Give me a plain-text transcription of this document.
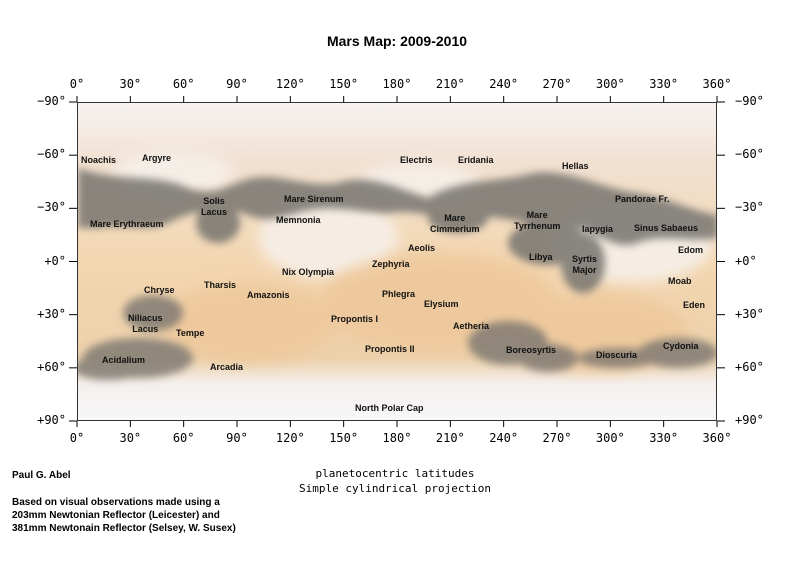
Mars Map: 2009-2010
0°	30°	60°	90° 120° 150° 180° 210° 240° 270° 300° 330° 360°
0°	30°	60°	90° 120° 150° 180° 210° 240° 270° 300° 330° 360°
−90°
−60°
−30°
+0°
+30°
+60°
+90°
−90°
−60°
−30°
+0°
+30°
+60°
+90°
Noachis	Argyre	Electris	Eridania
Hellas
Solis
Lacus
Mare Sirenum	Pandorae Fr.
Mare Erythraeum	Memnonia	Mare
Cimmerium
Mare
Tyrrhenum Iapygia Sinus Sabaeus
Aeolis	Edom
Libya Syrtis
Major
Zephyria
Nix Olympia
Moab
Tharsis
Chryse	Amazonis	Phlegra
Eden
Elysium
Niliacus
Lacus
Propontis I
Tempe
Aetheria
Cydonia
Propontis II	Boreosyrtis	Dioscuria
Acidalium
Arcadia
North Polar Cap
Paul G. Abel
Based on visual observations made using a
203mm Newtonian Reflector (Leicester) and
381mm Newtonain Reflector (Selsey, W. Susex)
planetocentric latitudes
Simple cylindrical projection
